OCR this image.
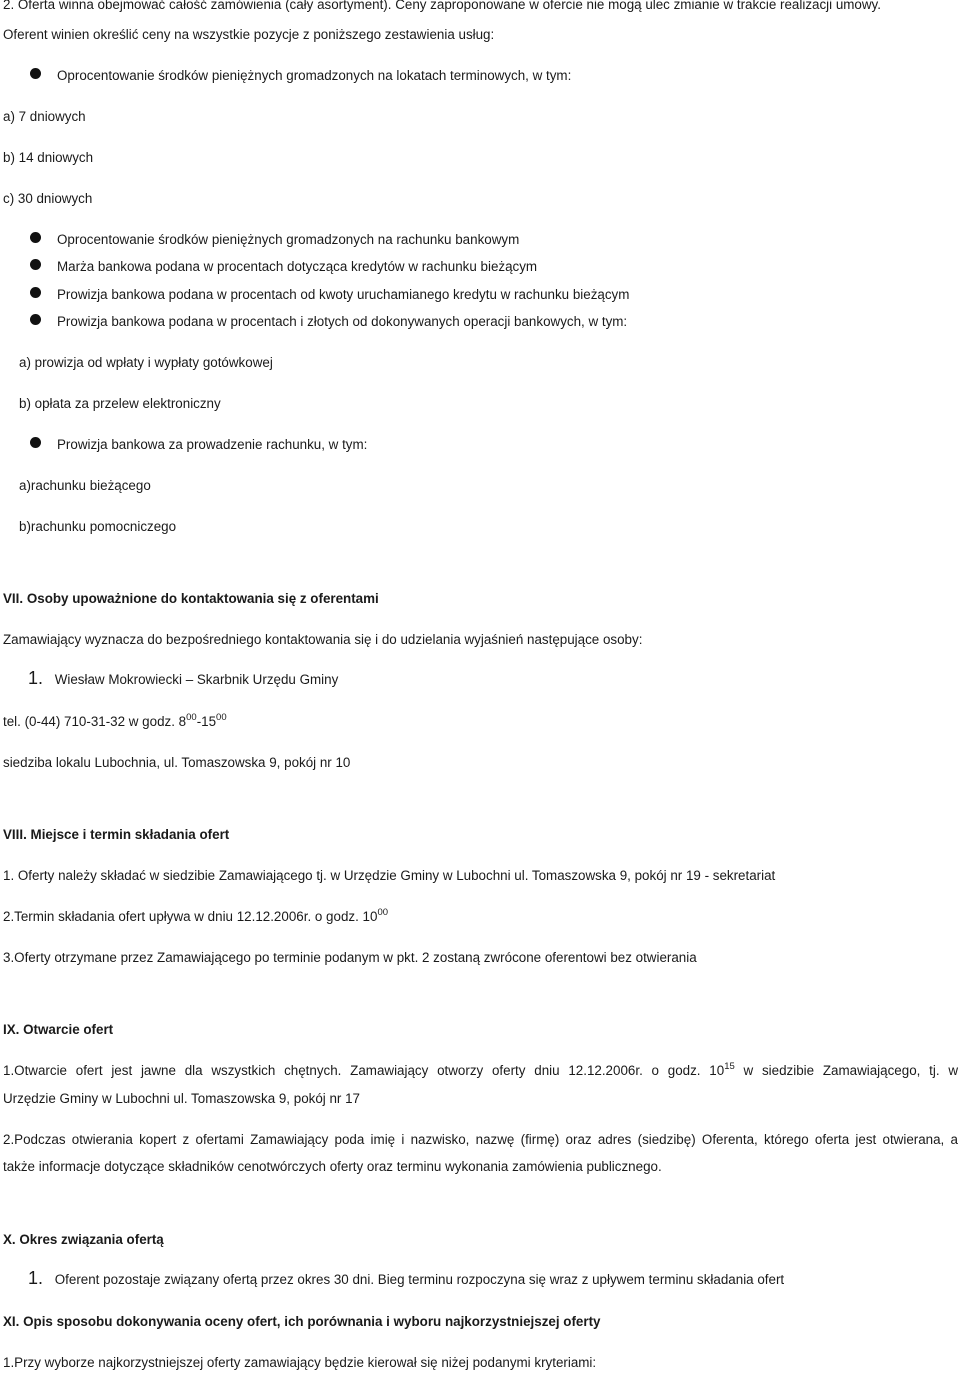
2. Oferta winna obejmować całość zamówienia (cały asortyment). Ceny zaproponowane w ofercie nie mogą ulec zmianie w trakcie realizacji umowy.
Oferent winien określić ceny na wszystkie pozycje z poniższego zestawienia usług:
Oprocentowanie środków pieniężnych gromadzonych na lokatach terminowych, w tym:
a) 7 dniowych
b) 14 dniowych
c) 30 dniowych
Oprocentowanie środków pieniężnych gromadzonych na rachunku bankowym
Marża bankowa podana w procentach dotycząca kredytów w rachunku bieżącym
Prowizja bankowa podana w procentach od kwoty uruchamianego kredytu w rachunku bieżącym
Prowizja bankowa podana w procentach i złotych od dokonywanych operacji bankowych, w tym:
a) prowizja od wpłaty i wypłaty gotówkowej
b) opłata za przelew elektroniczny
Prowizja bankowa za prowadzenie rachunku, w tym:
a)rachunku bieżącego
b)rachunku pomocniczego
VII. Osoby upoważnione do kontaktowania się z oferentami
Zamawiający wyznacza do bezpośredniego kontaktowania się i do udzielania wyjaśnień następujące osoby:
1. Wiesław Mokrowiecki – Skarbnik Urzędu Gminy
tel. (0-44) 710-31-32 w godz. $8^{00}-15^{00}$
siedziba lokalu Lubochnia, ul. Tomaszowska 9, pokój nr 10
VIII. Miejsce i termin składania ofert
1. Oferty należy składać w siedzibie Zamawiającego tj. w Urzędzie Gminy w Lubochni ul. Tomaszowska 9, pokój nr 19 - sekretariat
2.Termin składania ofert upływa w dniu 12.12.2006r. o godz. $10^{00}$
3.Oferty otrzymane przez Zamawiającego po terminie podanym w pkt. 2 zostaną zwrócone oferentowi bez otwierania
IX. Otwarcie ofert
1.Otwarcie ofert jest jawne dla wszystkich chętnych. Zamawiający otworzy oferty dniu 12.12.2006r. o godz. $10^{15}$ w siedzibie Zamawiającego, tj. w
Urzędzie Gminy w Lubochni ul. Tomaszowska 9, pokój nr 17
2.Podczas otwierania kopert z ofertami Zamawiający poda imię i nazwisko, nazwę (firmę) oraz adres (siedzibę) Oferenta, którego oferta jest otwierana, a
także informacje dotyczące składników cenotwórczych oferty oraz terminu wykonania zamówienia publicznego.
X. Okres związania ofertą
1. Oferent pozostaje związany ofertą przez okres 30 dni. Bieg terminu rozpoczyna się wraz z upływem terminu składania ofert
XI. Opis sposobu dokonywania oceny ofert, ich porównania i wyboru najkorzystniejszej oferty
1.Przy wyborze najkorzystniejszej oferty zamawiający będzie kierował się niżej podanymi kryteriami:
